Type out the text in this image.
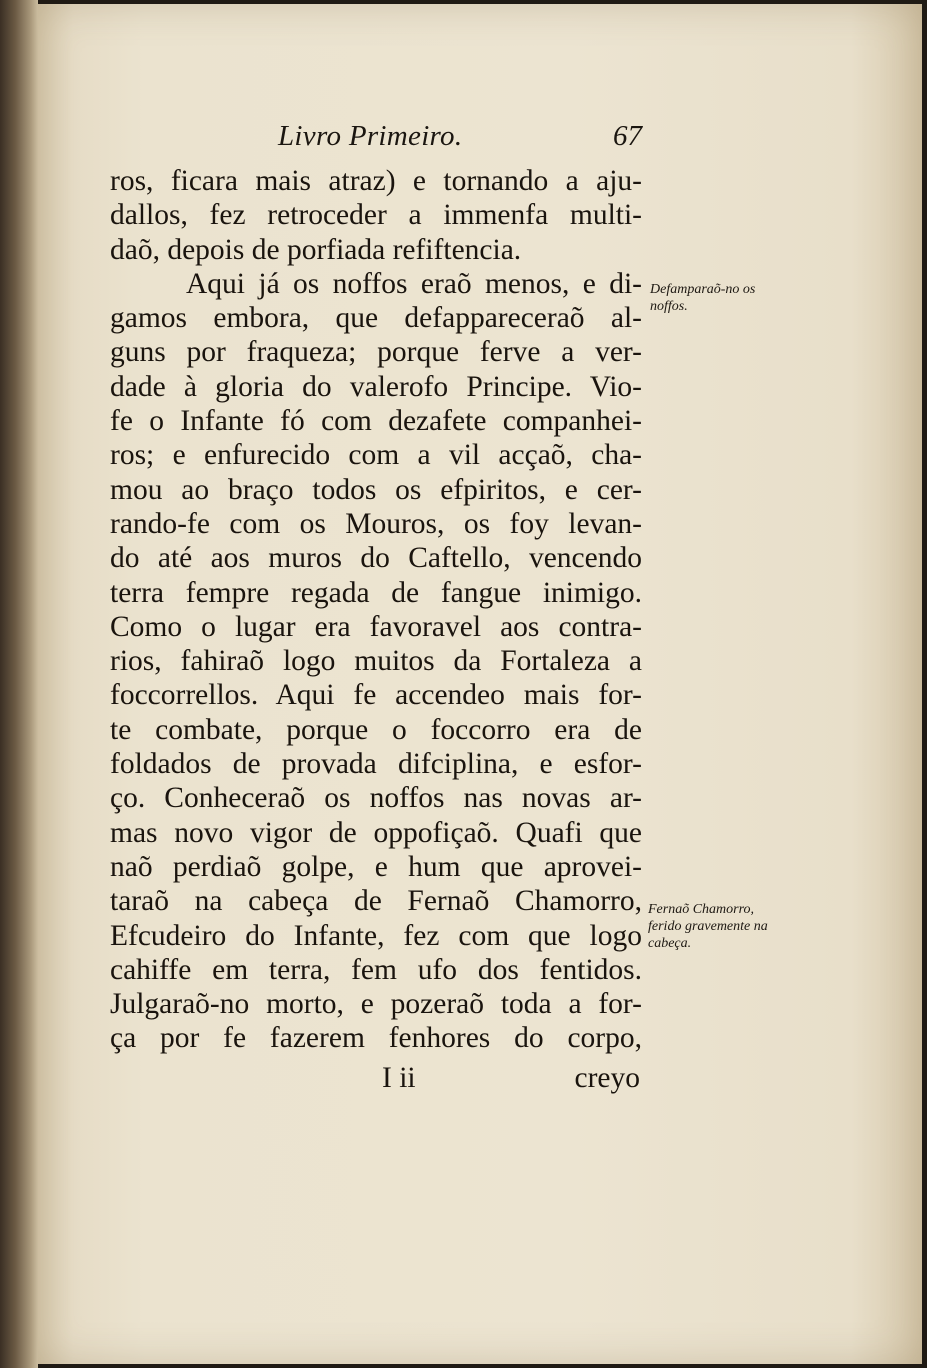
Livro Primeiro.	67
ros, ficara mais atraz) e tornando a aju-
dallos, fez retroceder a immenfa multi-
daõ, depois de porfiada refiftencia.
Aqui já os noffos eraõ menos, e di-
gamos embora, que defappareceraõ al-
guns por fraqueza; porque ferve a ver-
dade à gloria do valerofo Principe. Vio-
fe o Infante fó com dezafete companhei-
ros; e enfurecido com a vil acçaõ, cha-
mou ao braço todos os efpiritos, e cer-
rando-fe com os Mouros, os foy levan-
do até aos muros do Caftello, vencendo
terra fempre regada de fangue inimigo.
Como o lugar era favoravel aos contra-
rios, fahiraõ logo muitos da Fortaleza a
foccorrellos. Aqui fe accendeo mais for-
te combate, porque o foccorro era de
foldados de provada difciplina, e esfor-
ço. Conheceraõ os noffos nas novas ar-
mas novo vigor de oppofiçaõ. Quafi que
naõ perdiaõ golpe, e hum que aprovei-
taraõ na cabeça de Fernaõ Chamorro,
Efcudeiro do Infante, fez com que logo
cahiffe em terra, fem ufo dos fentidos.
Julgaraõ-no morto, e pozeraõ toda a for-
ça por fe fazerem fenhores do corpo,
I ii	creyo
Defamparaõ-no os
noffos.
Fernaõ Chamorro,
ferido gravemente na
cabeça.
